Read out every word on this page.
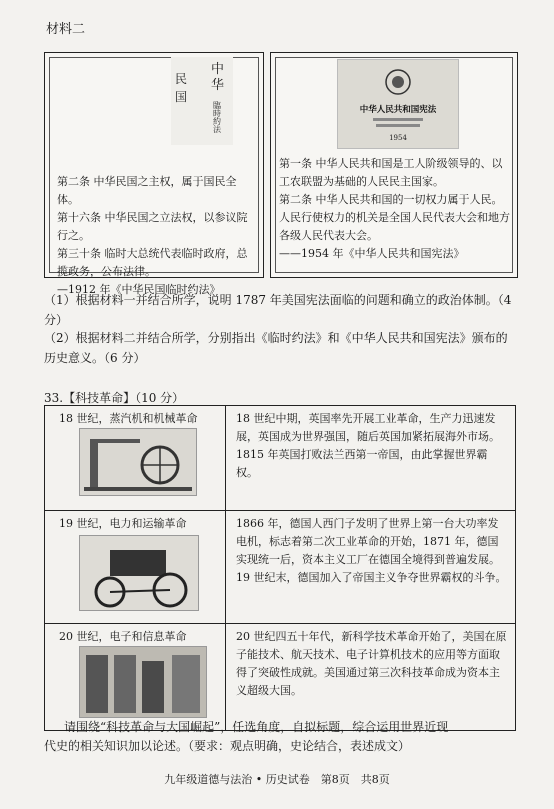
材料二
中
华
民
国
臨時約法
第二条 中华民国之主权，属于国民全体。
第十六条 中华民国之立法权，以参议院行之。
第三十条 临时大总统代表临时政府，总揽政务，公布法律。
—1912 年《中华民国临时约法》
中华人民共和国宪法
1954
第一条 中华人民共和国是工人阶级领导的、以工农联盟为基础的人民民主国家。
第二条 中华人民共和国的一切权力属于人民。人民行使权力的机关是全国人民代表大会和地方各级人民代表大会。
——1954 年《中华人民共和国宪法》
（1）根据材料一并结合所学，说明 1787 年美国宪法面临的问题和确立的政治体制。（4 分）
（2）根据材料二并结合所学，分别指出《临时约法》和《中华人民共和国宪法》颁布的历史意义。（6 分）
33.【科技革命】（10 分）
18 世纪，蒸汽机和机械革命	18 世纪中期，英国率先开展工业革命，生产力迅速发展，英国成为世界强国，随后英国加紧拓展海外市场。1815 年英国打败法兰西第一帝国，由此掌握世界霸权。

19 世纪，电力和运输革命	1866 年，德国人西门子发明了世界上第一台大功率发电机，标志着第二次工业革命的开始，1871 年，德国实现统一后，资本主义工厂在德国全境得到普遍发展。19 世纪末，德国加入了帝国主义争夺世界霸权的斗争。

20 世纪，电子和信息革命	20 世纪四五十年代，新科学技术革命开始了，美国在原子能技术、航天技术、电子计算机技术的应用等方面取得了突破性成就。美国通过第三次科技革命成为资本主义超级大国。
请围绕“科技革命与大国崛起”，任选角度，自拟标题，综合运用世界近现
代史的相关知识加以论述。（要求：观点明确，史论结合，表述成文）
九年级道德与法治 • 历史试卷　第8页　共8页
